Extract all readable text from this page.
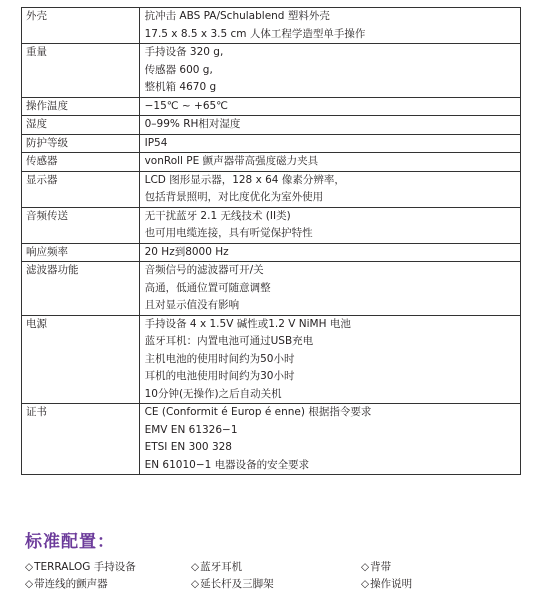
外壳	抗冲击 ABS PA/Schulablend 塑料外壳
17.5 x 8.5 x 3.5 cm 人体工程学造型单手操作

重量	手持设备 320 g,
传感器 600 g,
整机箱 4670 g

操作温度	−15℃ ~ +65℃

湿度	0–99% RH相对湿度

防护等级	IP54

传感器	vonRoll PE 颤声器带高强度磁力夹具

显示器	LCD 图形显示器，128 x 64 像素分辨率，
包括背景照明，对比度优化为室外使用

音频传送	无干扰蓝牙 2.1 无线技术 (II类)
也可用电缆连接，具有听觉保护特性

响应频率	20 Hz到8000 Hz

滤波器功能	音频信号的滤波器可开/关
高通，低通位置可随意调整
且对显示值没有影响

电源	手持设备 4 x 1.5V 碱性或1.2 V NiMH 电池
蓝牙耳机：内置电池可通过USB充电
主机电池的使用时间约为50小时
耳机的电池使用时间约为30小时
10分钟(无操作)之后自动关机

证书	CE (Conformit é Europ é enne) 根据指令要求
EMV EN 61326−1
ETSI EN 300 328
EN 61010−1 电器设备的安全要求
标准配置：
◇TERRALOG 手持设备	◇蓝牙耳机	◇背带
◇带连线的颤声器	◇延长杆及三脚架	◇操作说明
